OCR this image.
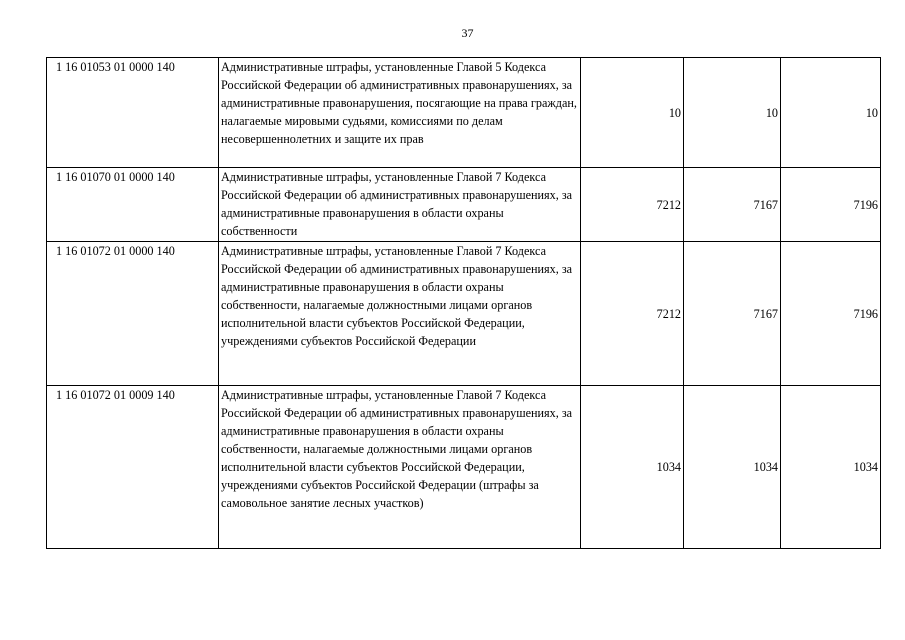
37
1 16 01053 01 0000 140	Административные штрафы, установленные Главой 5 Кодекса Российской Федерации об административных правонарушениях, за административные правонарушения, посягающие на права граждан, налагаемые мировыми судьями, комиссиями по делам несовершеннолетних и защите их прав	10	10	10
1 16 01070 01 0000 140	Административные штрафы, установленные Главой 7 Кодекса Российской Федерации об административных правонарушениях, за административные правонарушения в области охраны собственности	7212	7167	7196
1 16 01072 01 0000 140	Административные штрафы, установленные Главой 7 Кодекса Российской Федерации об административных правонарушениях, за административные правонарушения в области охраны собственности, налагаемые должностными лицами органов исполнительной власти субъектов Российской Федерации, учреждениями субъектов Российской Федерации	7212	7167	7196
1 16 01072 01 0009 140	Административные штрафы, установленные Главой 7 Кодекса Российской Федерации об административных правонарушениях, за административные правонарушения в области охраны собственности, налагаемые должностными лицами органов исполнительной власти субъектов Российской Федерации, учреждениями субъектов Российской Федерации (штрафы за самовольное занятие лесных участков)	1034	1034	1034
